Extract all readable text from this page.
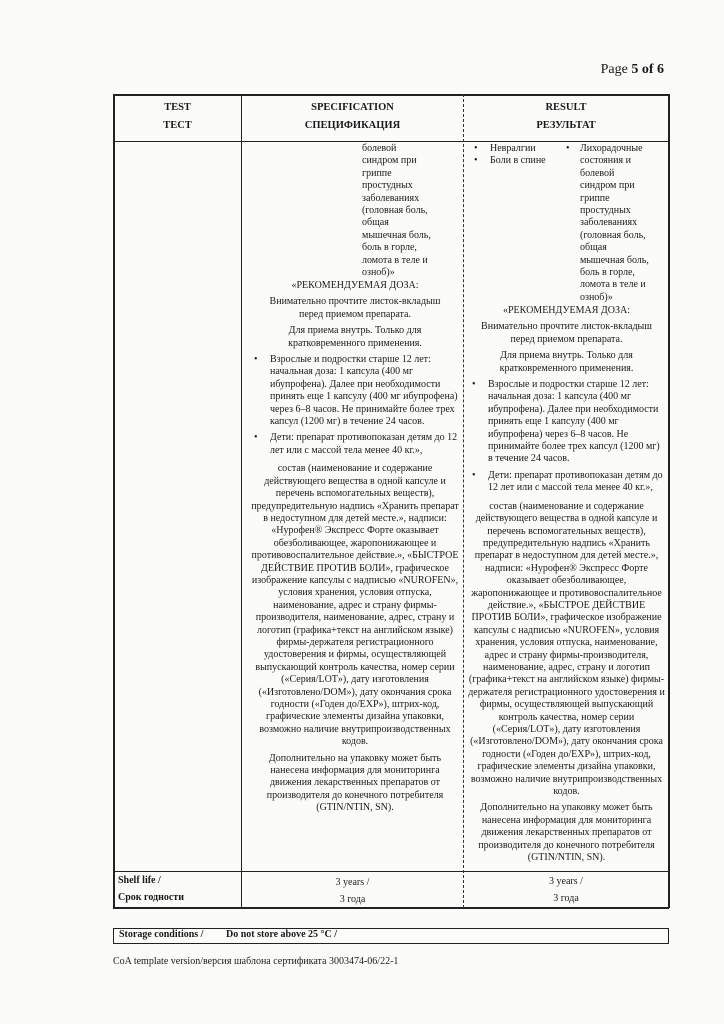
Page 5 of 6
TEST
ТЕСТ
SPECIFICATION
СПЕЦИФИКАЦИЯ
RESULT
РЕЗУЛЬТАТ
болевой
синдром при
гриппе
простудных
заболеваниях
(головная боль,
общая
мышечная боль,
боль в горле,
ломота в теле и
озноб)»

«РЕКОМЕНДУЕМАЯ ДОЗА:

Внимательно прочтите листок-вкладыш перед приемом препарата.

Для приема внутрь. Только для кратковременного применения.

• Взрослые и подростки старше 12 лет: начальная доза: 1 капсула (400 мг ибупрофена). Далее при необходимости принять еще 1 капсулу (400 мг ибупрофена) через 6–8 часов. Не принимайте более трех капсул (1200 мг) в течение 24 часов.
• Дети: препарат противопоказан детям до 12 лет или с массой тела менее 40 кг.»,

состав (наименование и содержание действующего вещества в одной капсуле и перечень вспомогательных веществ), предупредительную надпись «Хранить препарат в недоступном для детей месте.», надписи: «Нурофен® Экспресс Форте оказывает обезболивающее, жаропонижающее и противовоспалительное действие.», «БЫСТРОЕ ДЕЙСТВИЕ ПРОТИВ БОЛИ», графическое изображение капсулы с надписью «NUROFEN», условия хранения, условия отпуска, наименование, адрес и страну фирмы-производителя, наименование, адрес, страну и логотип (графика+текст на английском языке) фирмы-держателя регистрационного удостоверения и фирмы, осуществляющей выпускающий контроль качества, номер серии («Серия/LOT»), дату изготовления («Изготовлено/DOM»), дату окончания срока годности («Годен до/EXP»), штрих-код, графические элементы дизайна упаковки, возможно наличие внутрипроизводственных кодов.

Дополнительно на упаковку может быть нанесена информация для мониторинга движения лекарственных препаратов от производителя до конечного потребителя (GTIN/NTIN, SN).

• Невралгии
• Боли в спине
• Лихорадочные
состояния и
болевой
синдром при
гриппе
простудных
заболеваниях
(головная боль,
общая
мышечная боль,
боль в горле,
ломота в теле и
озноб)»

«РЕКОМЕНДУЕМАЯ ДОЗА:

Внимательно прочтите листок-вкладыш перед приемом препарата.

Для приема внутрь. Только для кратковременного применения.

• Взрослые и подростки старше 12 лет: начальная доза: 1 капсула (400 мг ибупрофена). Далее при необходимости принять еще 1 капсулу (400 мг ибупрофена) через 6–8 часов. Не принимайте более трех капсул (1200 мг) в течение 24 часов.
• Дети: препарат противопоказан детям до 12 лет или с массой тела менее 40 кг.»,

состав (наименование и содержание действующего вещества в одной капсуле и перечень вспомогательных веществ), предупредительную надпись «Хранить препарат в недоступном для детей месте.», надписи: «Нурофен® Экспресс Форте оказывает обезболивающее, жаропонижающее и противовоспалительное действие.», «БЫСТРОЕ ДЕЙСТВИЕ ПРОТИВ БОЛИ», графическое изображение капсулы с надписью «NUROFEN», условия хранения, условия отпуска, наименование, адрес и страну фирмы-производителя, наименование, адрес, страну и логотип (графика+текст на английском языке) фирмы-держателя регистрационного удостоверения и фирмы, осуществляющей выпускающий контроль качества, номер серии («Серия/LOT»), дату изготовления («Изготовлено/DOM»), дату окончания срока годности («Годен до/EXP»), штрих-код, графические элементы дизайна упаковки, возможно наличие внутрипроизводственных кодов.

Дополнительно на упаковку может быть нанесена информация для мониторинга движения лекарственных препаратов от производителя до конечного потребителя (GTIN/NTIN, SN).

Shelf life /
Срок годности
3 years /
3 года
3 years /
3 года
Storage conditions / Do not store above 25 °C /
CoA template version/версия шаблона сертификата 3003474-06/22-1
